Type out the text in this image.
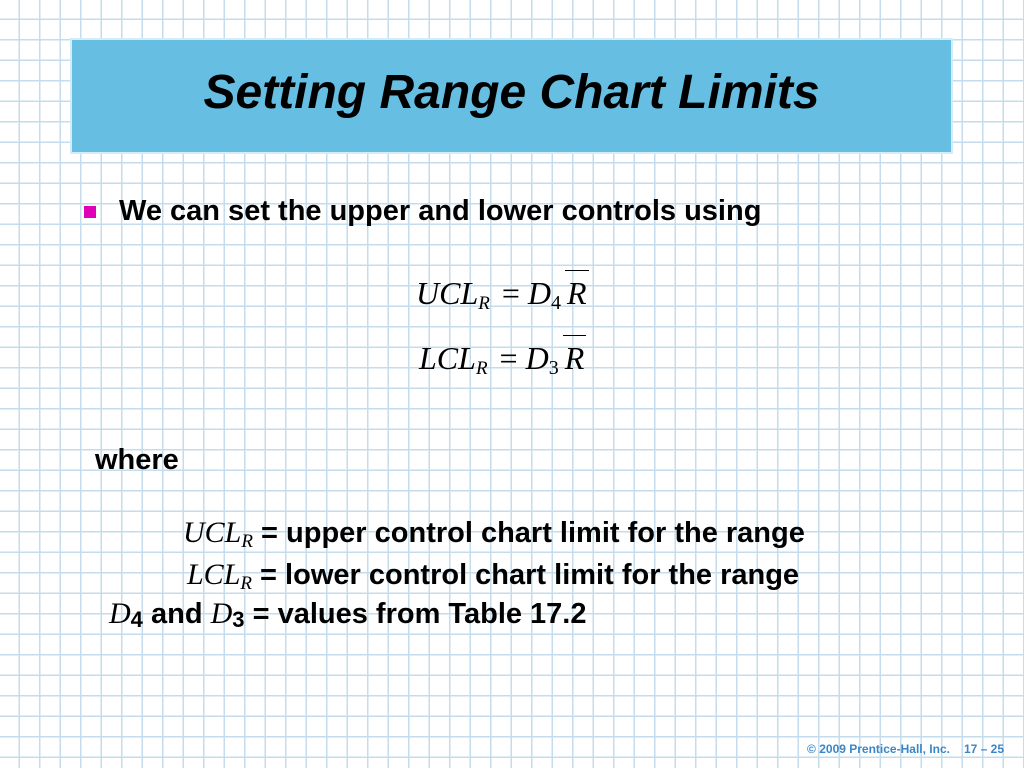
Setting Range Chart Limits
We can set the upper and lower controls using
$UCL_R = D4$ R
$LCL_R = D3$ R
where
UCLR = upper control chart limit for the range
LCLR = lower control chart limit for the range
D4 and D3 = values from Table 17.2
© 2009 Prentice-Hall, Inc. 17 – 25
